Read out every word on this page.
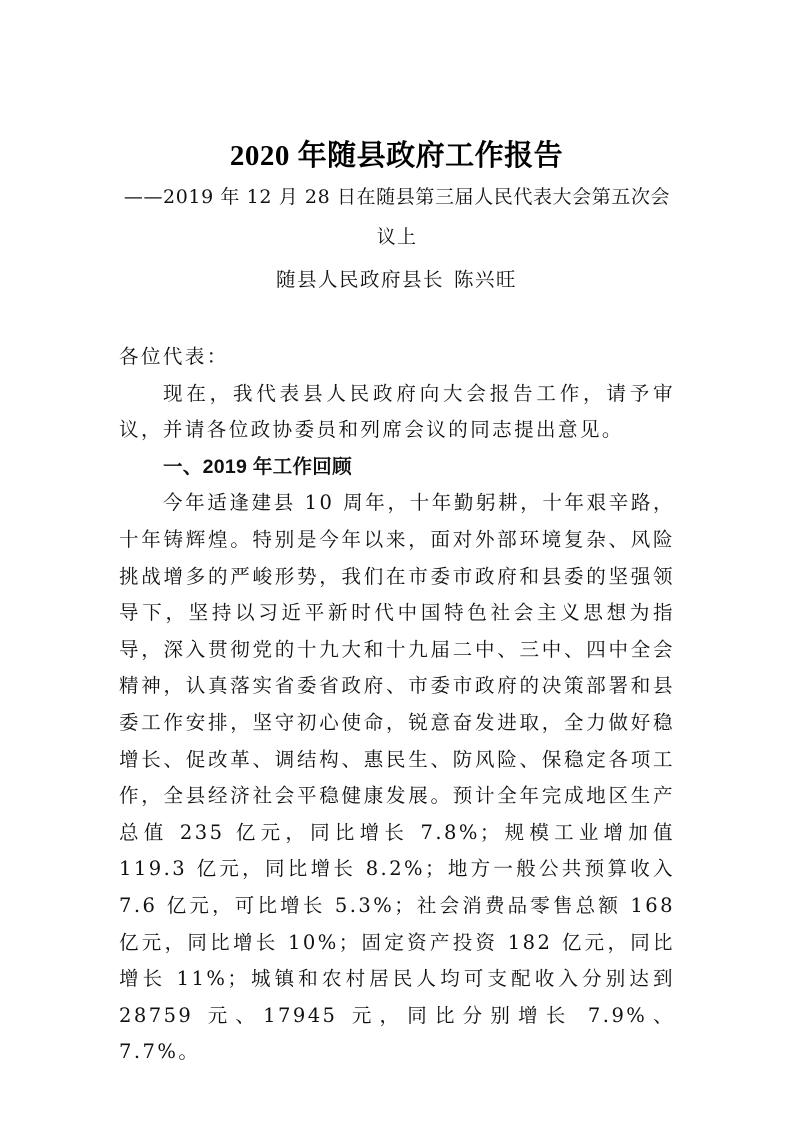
2020 年随县政府工作报告
——2019 年 12 月 28 日在随县第三届人民代表大会第五次会
议上
随县人民政府县长 陈兴旺

各位代表：

现在，我代表县人民政府向大会报告工作，请予审议，并请各位政协委员和列席会议的同志提出意见。

一、2019 年工作回顾

今年适逢建县 10 周年，十年勤躬耕，十年艰辛路，十年铸辉煌。特别是今年以来，面对外部环境复杂、风险挑战增多的严峻形势，我们在市委市政府和县委的坚强领导下，坚持以习近平新时代中国特色社会主义思想为指导，深入贯彻党的十九大和十九届二中、三中、四中全会精神，认真落实省委省政府、市委市政府的决策部署和县委工作安排，坚守初心使命，锐意奋发进取，全力做好稳增长、促改革、调结构、惠民生、防风险、保稳定各项工作，全县经济社会平稳健康发展。预计全年完成地区生产总值 235 亿元，同比增长 7.8%；规模工业增加值 119.3 亿元，同比增长 8.2%；地方一般公共预算收入 7.6 亿元，可比增长 5.3%；社会消费品零售总额 168 亿元，同比增长 10%；固定资产投资 182 亿元，同比增长 11%；城镇和农村居民人均可支配收入分别达到 28759 元、17945 元，同比分别增长 7.9%、7.7%。
